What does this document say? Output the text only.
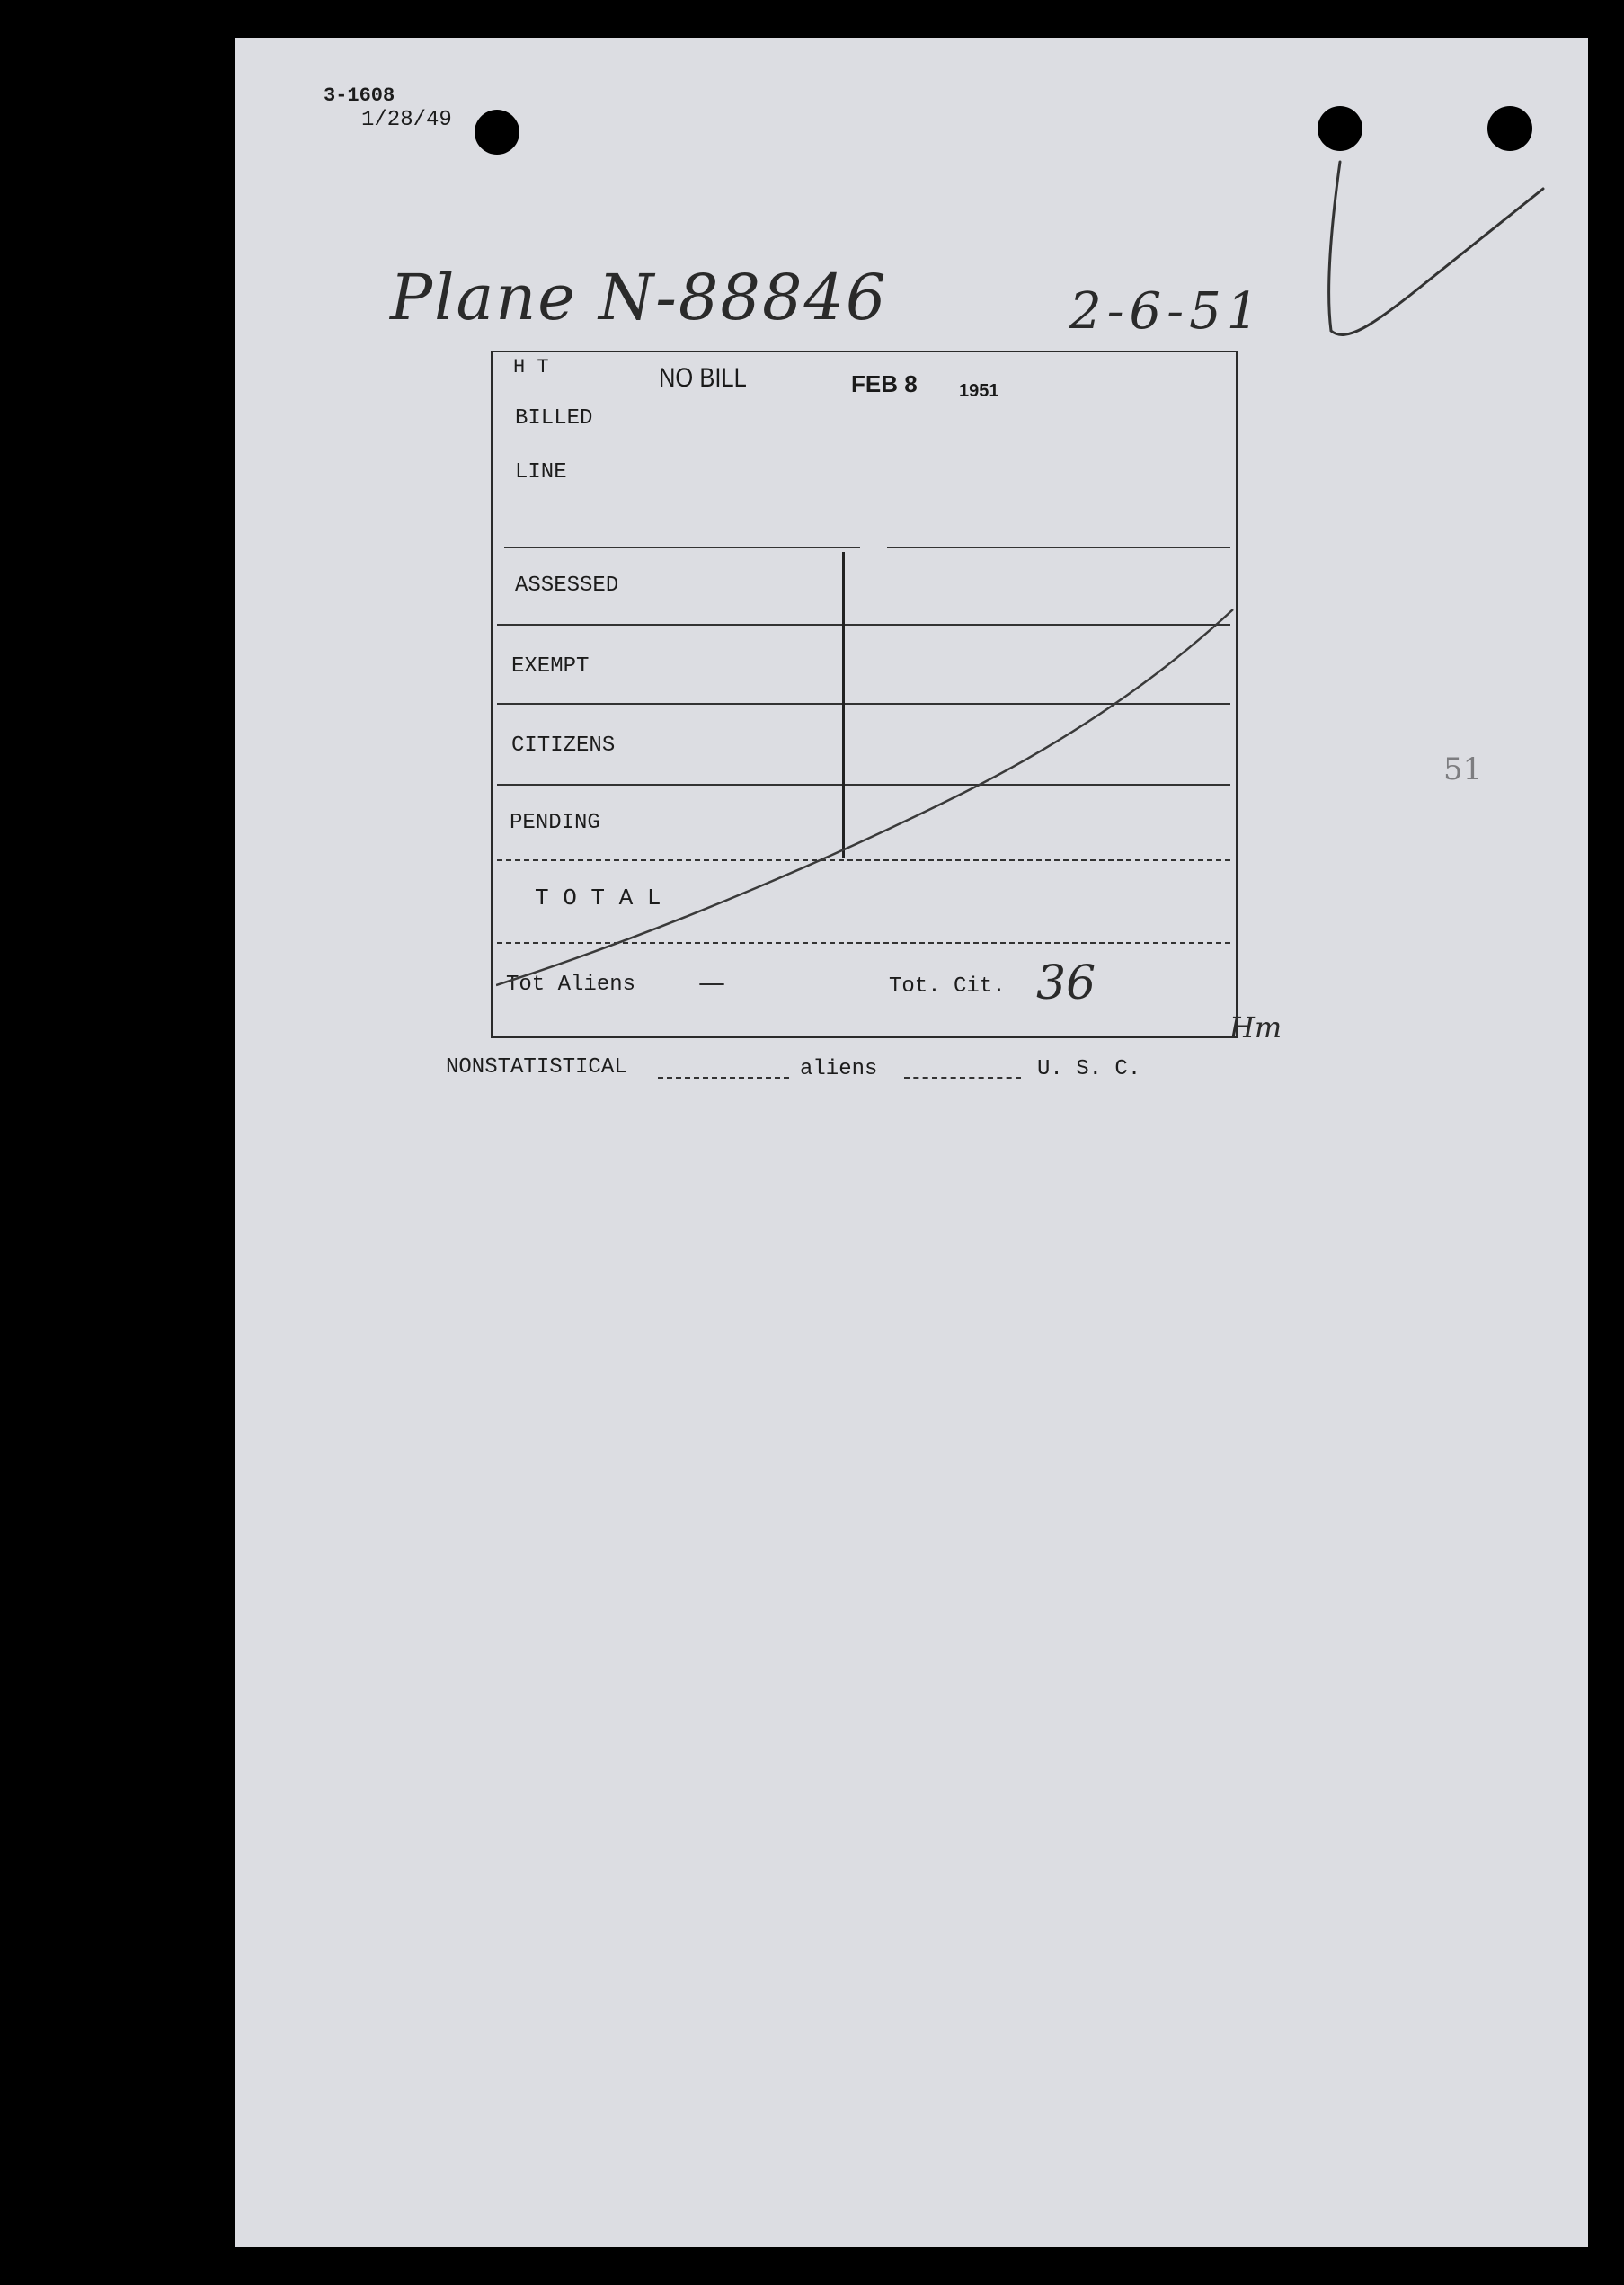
3-1608
1/28/49
Plane N-88846	2-6-51
H T	NO BILL	FEB 8 1951
BILLED
LINE
ASSESSED
EXEMPT
CITIZENS
PENDING
T O T A L
Tot Aliens —	Tot. Cit. 36
Hm
51
NONSTATISTICAL	aliens	U. S. C.
